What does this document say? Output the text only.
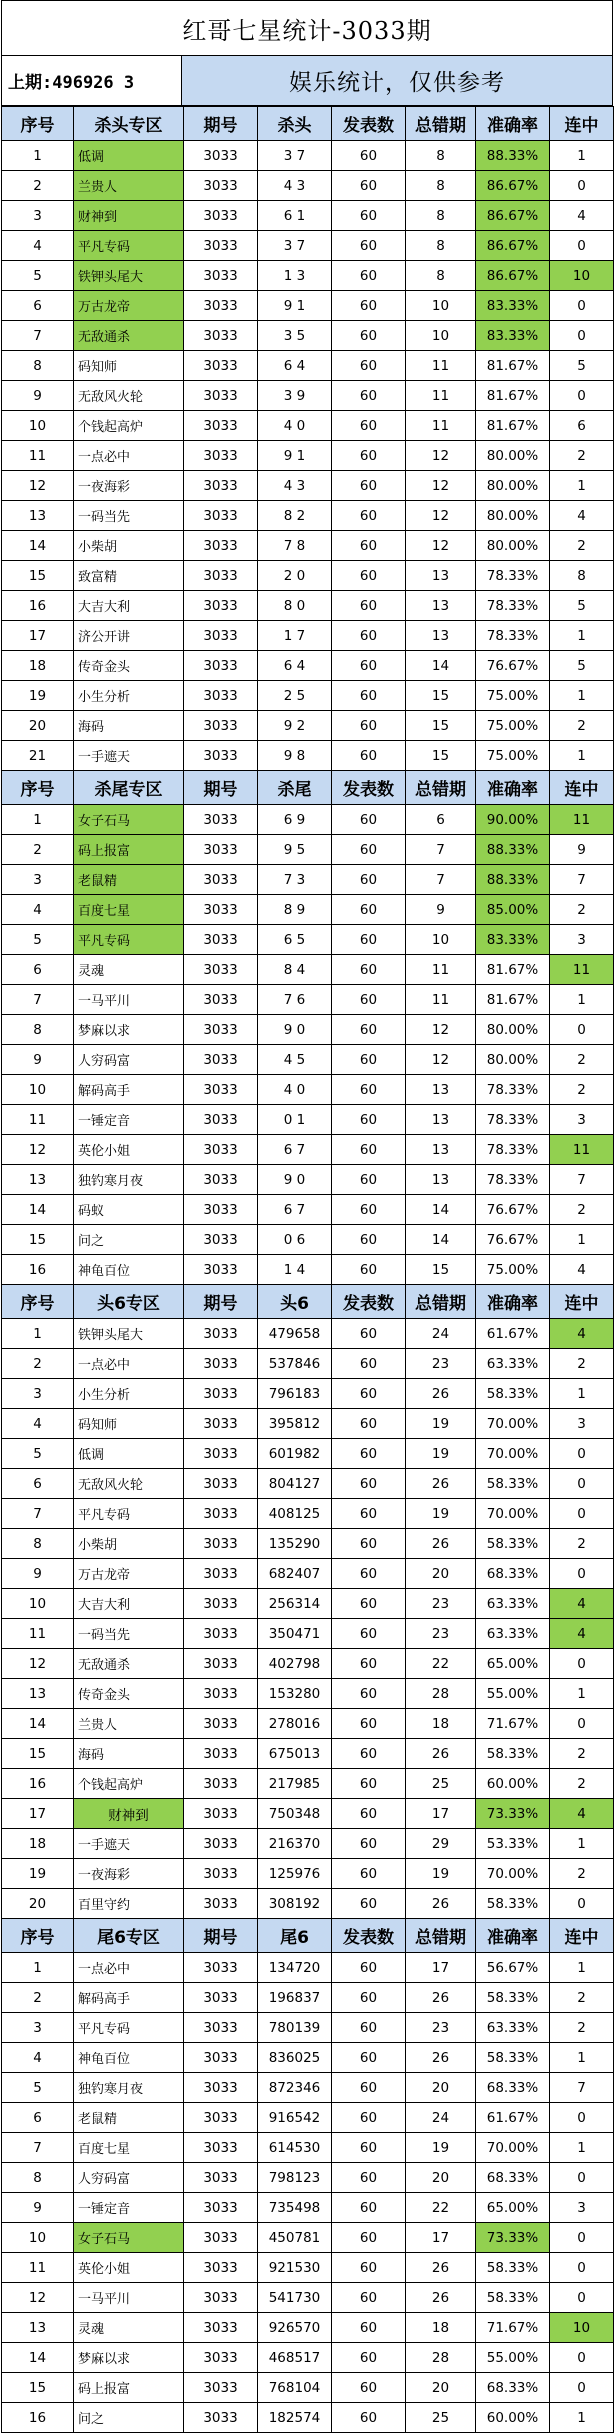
红哥七星统计-3033期
上期:496926 3	娱乐统计，仅供参考
序号	杀头专区	期号	杀头	发表数	总错期	准确率	连中
1	低调	3033	3 7	60	8	88.33%	1
2	兰贵人	3033	4 3	60	8	86.67%	0
3	财神到	3033	6 1	60	8	86.67%	4
4	平凡专码	3033	3 7	60	8	86.67%	0
5	铁钾头尾大	3033	1 3	60	8	86.67%	10
6	万古龙帝	3033	9 1	60	10	83.33%	0
7	无敌通杀	3033	3 5	60	10	83.33%	0
8	码知师	3033	6 4	60	11	81.67%	5
9	无敌风火轮	3033	3 9	60	11	81.67%	0
10	个钱起高炉	3033	4 0	60	11	81.67%	6
11	一点必中	3033	9 1	60	12	80.00%	2
12	一夜海彩	3033	4 3	60	12	80.00%	1
13	一码当先	3033	8 2	60	12	80.00%	4
14	小柴胡	3033	7 8	60	12	80.00%	2
15	致富精	3033	2 0	60	13	78.33%	8
16	大吉大利	3033	8 0	60	13	78.33%	5
17	济公开讲	3033	1 7	60	13	78.33%	1
18	传奇金头	3033	6 4	60	14	76.67%	5
19	小生分析	3033	2 5	60	15	75.00%	1
20	海码	3033	9 2	60	15	75.00%	2
21	一手遮天	3033	9 8	60	15	75.00%	1
序号	杀尾专区	期号	杀尾	发表数	总错期	准确率	连中
1	女子石马	3033	6 9	60	6	90.00%	11
2	码上报富	3033	9 5	60	7	88.33%	9
3	老鼠精	3033	7 3	60	7	88.33%	7
4	百度七星	3033	8 9	60	9	85.00%	2
5	平凡专码	3033	6 5	60	10	83.33%	3
6	灵魂	3033	8 4	60	11	81.67%	11
7	一马平川	3033	7 6	60	11	81.67%	1
8	梦麻以求	3033	9 0	60	12	80.00%	0
9	人穷码富	3033	4 5	60	12	80.00%	2
10	解码高手	3033	4 0	60	13	78.33%	2
11	一锤定音	3033	0 1	60	13	78.33%	3
12	英伦小姐	3033	6 7	60	13	78.33%	11
13	独钓寒月夜	3033	9 0	60	13	78.33%	7
14	码蚁	3033	6 7	60	14	76.67%	2
15	问之	3033	0 6	60	14	76.67%	1
16	神龟百位	3033	1 4	60	15	75.00%	4
序号	头6专区	期号	头6	发表数	总错期	准确率	连中
1	铁钾头尾大	3033	479658	60	24	61.67%	4
2	一点必中	3033	537846	60	23	63.33%	2
3	小生分析	3033	796183	60	26	58.33%	1
4	码知师	3033	395812	60	19	70.00%	3
5	低调	3033	601982	60	19	70.00%	0
6	无敌风火轮	3033	804127	60	26	58.33%	0
7	平凡专码	3033	408125	60	19	70.00%	0
8	小柴胡	3033	135290	60	26	58.33%	2
9	万古龙帝	3033	682407	60	20	68.33%	0
10	大吉大利	3033	256314	60	23	63.33%	4
11	一码当先	3033	350471	60	23	63.33%	4
12	无敌通杀	3033	402798	60	22	65.00%	0
13	传奇金头	3033	153280	60	28	55.00%	1
14	兰贵人	3033	278016	60	18	71.67%	0
15	海码	3033	675013	60	26	58.33%	2
16	个钱起高炉	3033	217985	60	25	60.00%	2
17	财神到	3033	750348	60	17	73.33%	4
18	一手遮天	3033	216370	60	29	53.33%	1
19	一夜海彩	3033	125976	60	19	70.00%	2
20	百里守约	3033	308192	60	26	58.33%	0
序号	尾6专区	期号	尾6	发表数	总错期	准确率	连中
1	一点必中	3033	134720	60	17	56.67%	1
2	解码高手	3033	196837	60	26	58.33%	2
3	平凡专码	3033	780139	60	23	63.33%	2
4	神龟百位	3033	836025	60	26	58.33%	1
5	独钓寒月夜	3033	872346	60	20	68.33%	7
6	老鼠精	3033	916542	60	24	61.67%	0
7	百度七星	3033	614530	60	19	70.00%	1
8	人穷码富	3033	798123	60	20	68.33%	0
9	一锤定音	3033	735498	60	22	65.00%	3
10	女子石马	3033	450781	60	17	73.33%	0
11	英伦小姐	3033	921530	60	26	58.33%	0
12	一马平川	3033	541730	60	26	58.33%	0
13	灵魂	3033	926570	60	18	71.67%	10
14	梦麻以求	3033	468517	60	28	55.00%	0
15	码上报富	3033	768104	60	20	68.33%	0
16	问之	3033	182574	60	25	60.00%	1
